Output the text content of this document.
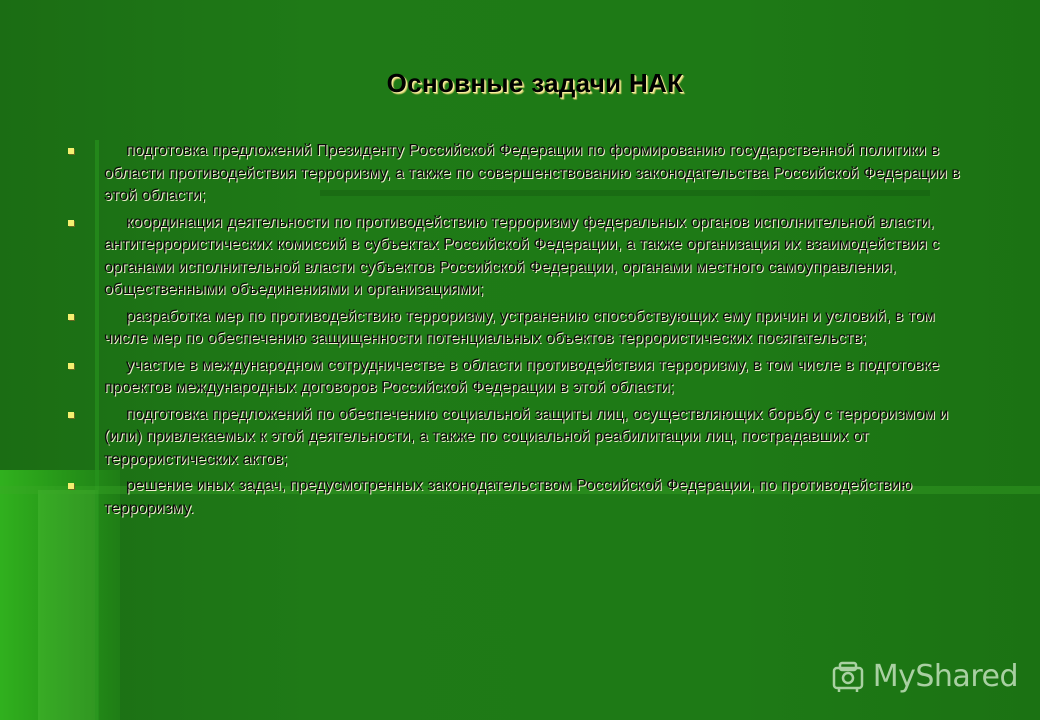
Основные задачи НАК
подготовка предложений Президенту Российской Федерации по формированию государственной политики в области противодействия терроризму, а также по совершенствованию законодательства Российской Федерации в этой области;
координация деятельности по противодействию терроризму федеральных органов исполнительной власти, антитеррористических комиссий в субъектах Российской Федерации, а также организация их взаимодействия с органами исполнительной власти субъектов Российской Федерации, органами местного самоуправления, общественными объединениями и организациями;
разработка мер по противодействию терроризму, устранению способствующих ему причин и условий, в том числе мер по обеспечению защищенности потенциальных объектов террористических посягательств;
участие в международном сотрудничестве в области противодействия терроризму, в том числе в подготовке проектов международных договоров Российской Федерации в этой области;
подготовка предложений по обеспечению социальной защиты лиц, осуществляющих борьбу с терроризмом и (или) привлекаемых к этой деятельности, а также по социальной реабилитации лиц, пострадавших от террористических актов;
решение иных задач, предусмотренных законодательством Российской Федерации, по противодействию терроризму.
MyShared
